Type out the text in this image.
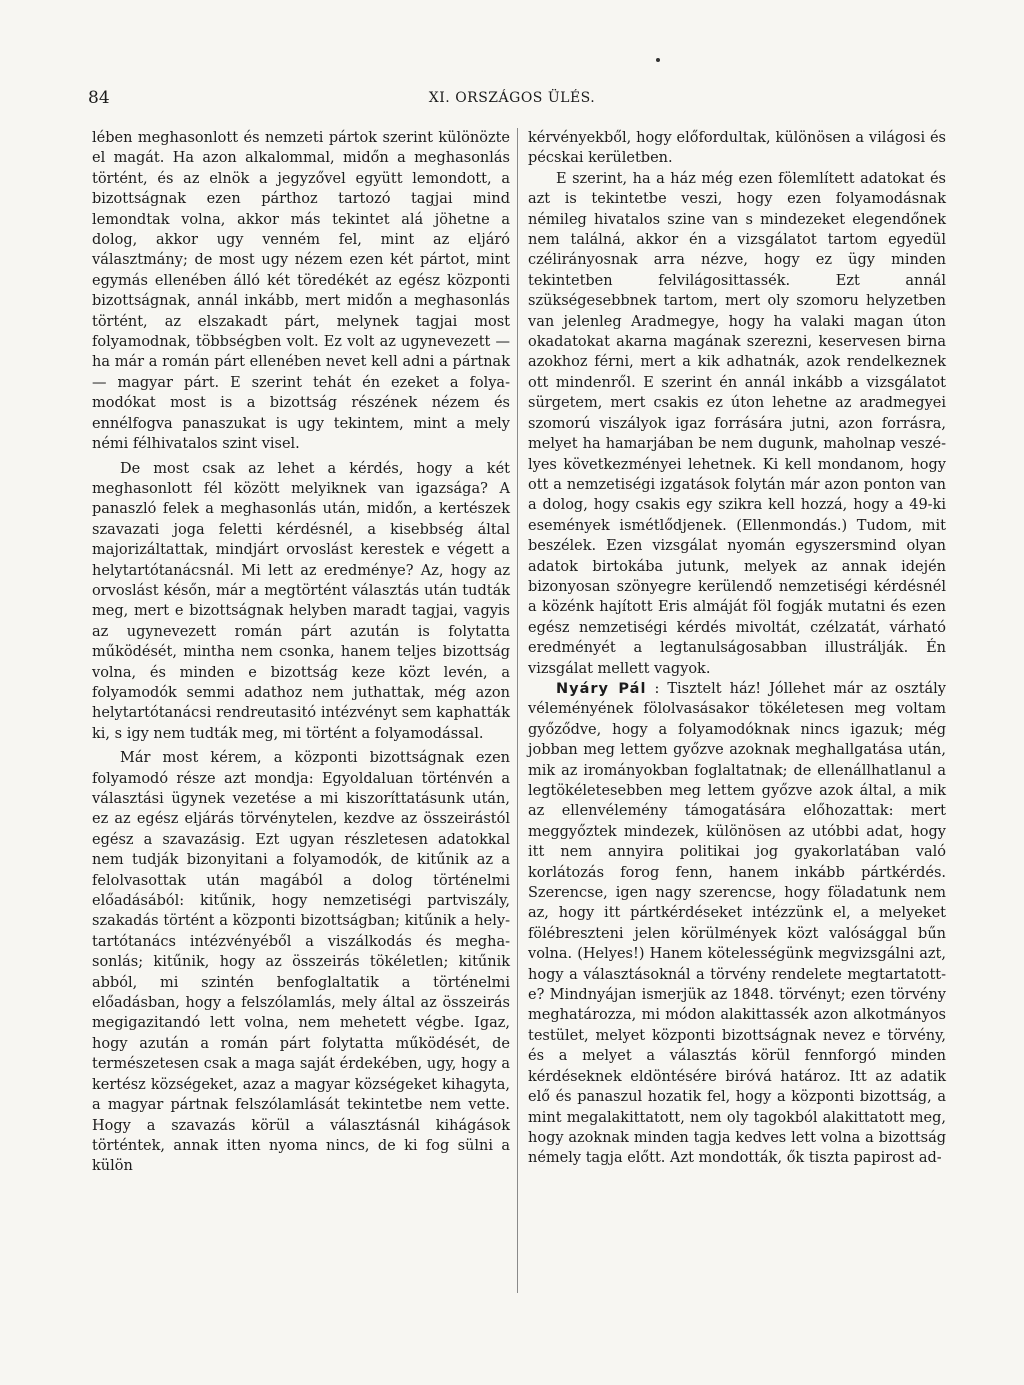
84	XI. ORSZÁGOS ÜLÉS.

lében meghasonlott és nemzeti pártok szerint különözte el magát. Ha azon alkalommal, midőn a meghasonlás történt, és az elnök a jegyzővel együtt lemondott, a bizottságnak ezen párthoz tartozó tagjai mind lemondtak volna, akkor más tekintet alá jöhetne a dolog, akkor ugy venném fel, mint az eljáró választmány; de most ugy nézem ezen két pártot, mint egymás ellenében álló két töredékét az egész központi bizottságnak, annál inkább, mert midőn a meghasonlás történt, az elszakadt párt, melynek tagjai most folyamodnak, többségben volt. Ez volt az ugynevezett — ha már a román párt ellenében nevet kell adni a pártnak — magyar párt. E szerint tehát én ezeket a folyamodókat most is a bizottság részének nézem és ennélfogva panaszukat is ugy tekintem, mint a mely némi félhivatalos szint visel.

De most csak az lehet a kérdés, hogy a két meghasonlott fél között melyiknek van igazsága? A panaszló felek a meghasonlás után, midőn, a kertészek szavazati joga feletti kérdésnél, a kisebbség által majorizáltattak, mindjárt orvoslást kerestek e végett a helytartótanácsnál. Mi lett az eredménye? Az, hogy az orvoslást későn, már a megtörtént választás után tudták meg, mert e bizottságnak helyben maradt tagjai, vagyis az ugynevezett román párt azután is folytatta működését, mintha nem csonka, hanem teljes bizottság volna, és minden e bizottság keze közt levén, a folyamodók semmi adathoz nem juthattak, még azon helytartótanácsi rendreutasitó intézvényt sem kaphatták ki, s igy nem tudták meg, mi történt a folyamodással.

Már most kérem, a központi bizottságnak ezen folyamodó része azt mondja: Egyoldaluan történvén a választási ügynek vezetése a mi kiszoríttatásunk után, ez az egész eljárás törvénytelen, kezdve az összeirástól egész a szavazásig. Ezt ugyan részletesen adatokkal nem tudják bizonyitani a folyamodók, de kitűnik az a felolvasottak után magából a dolog történelmi előadásából: kitűnik, hogy nemzetiségi partviszály, szakadás történt a központi bizottságban; kitűnik a helytartótanács intézvényéből a viszálkodás és meghasonlás; kitűnik, hogy az összeirás tökéletlen; kitűnik abból, mi szintén benfoglaltatik a történelmi előadásban, hogy a felszólamlás, mely által az összeirás megigazitandó lett volna, nem mehetett végbe. Igaz, hogy azután a román párt folytatta működését, de természetesen csak a maga saját érdekében, ugy, hogy a kertész községeket, azaz a magyar községeket kihagyta, a magyar pártnak felszólamlását tekintetbe nem vette. Hogy a szavazás körül a választásnál kihágások történtek, annak itten nyoma nincs, de ki fog sülni a külön

kérvényekből, hogy előfordultak, különösen a világosi és pécskai kerületben.

E szerint, ha a ház még ezen fölemlített adatokat és azt is tekintetbe veszi, hogy ezen folyamodásnak némileg hivatalos szine van s mindezeket elegendőnek nem találná, akkor én a vizsgálatot tartom egyedül czélirányosnak arra nézve, hogy ez ügy minden tekintetben felvilágosittassék. Ezt annál szükségesebbnek tartom, mert oly szomoru helyzetben van jelenleg Aradmegye, hogy ha valaki magan úton okadatokat akarna magának szerezni, keservesen birna azokhoz férni, mert a kik adhatnák, azok rendelkeznek ott mindenről. E szerint én annál inkább a vizsgálatot sürgetem, mert csakis ez úton lehetne az aradmegyei szomorú viszályok igaz forrására jutni, azon forrásra, melyet ha hamarjában be nem dugunk, maholnap veszélyes következményei lehetnek. Ki kell mondanom, hogy ott a nemzetiségi izgatások folytán már azon ponton van a dolog, hogy csakis egy szikra kell hozzá, hogy a 49-ki események ismétlődjenek. (Ellenmondás.) Tudom, mit beszélek. Ezen vizsgálat nyomán egyszersmind olyan adatok birtokába jutunk, melyek az annak idején bizonyosan szönyegre kerülendő nemzetiségi kérdésnél a közénk hajított Eris almáját föl fogják mutatni és ezen egész nemzetiségi kérdés mivoltát, czélzatát, várható eredményét a legtanulságosabban illustrálják. Én vizsgálat mellett vagyok.

Nyáry Pál : Tisztelt ház! Jóllehet már az osztály véleményének fölolvasásakor tökéletesen meg voltam győződve, hogy a folyamodóknak nincs igazuk; még jobban meg lettem győzve azoknak meghallgatása után, mik az irományokban foglaltatnak; de ellenállhatlanul a legtökéletesebben meg lettem győzve azok által, a mik az ellenvélemény támogatására előhozattak: mert meggyőztek mindezek, különösen az utóbbi adat, hogy itt nem annyira politikai jog gyakorlatában való korlátozás forog fenn, hanem inkább pártkérdés. Szerencse, igen nagy szerencse, hogy föladatunk nem az, hogy itt pártkérdéseket intézzünk el, a melyeket fölébreszteni jelen körülmények közt valósággal bűn volna. (Helyes!) Hanem kötelességünk megvizsgálni azt, hogy a választásoknál a törvény rendelete megtartatott-e? Mindnyájan ismerjük az 1848. törvényt; ezen törvény meghatározza, mi módon alakittassék azon alkotmányos testület, melyet központi bizottságnak nevez e törvény, és a melyet a választás körül fennforgó minden kérdéseknek eldöntésére biróvá határoz. Itt az adatik elő és panaszul hozatik fel, hogy a központi bizottság, a mint megalakittatott, nem oly tagokból alakittatott meg, hogy azoknak minden tagja kedves lett volna a bizottság némely tagja előtt. Azt mondották, ők tiszta papirost ad-
